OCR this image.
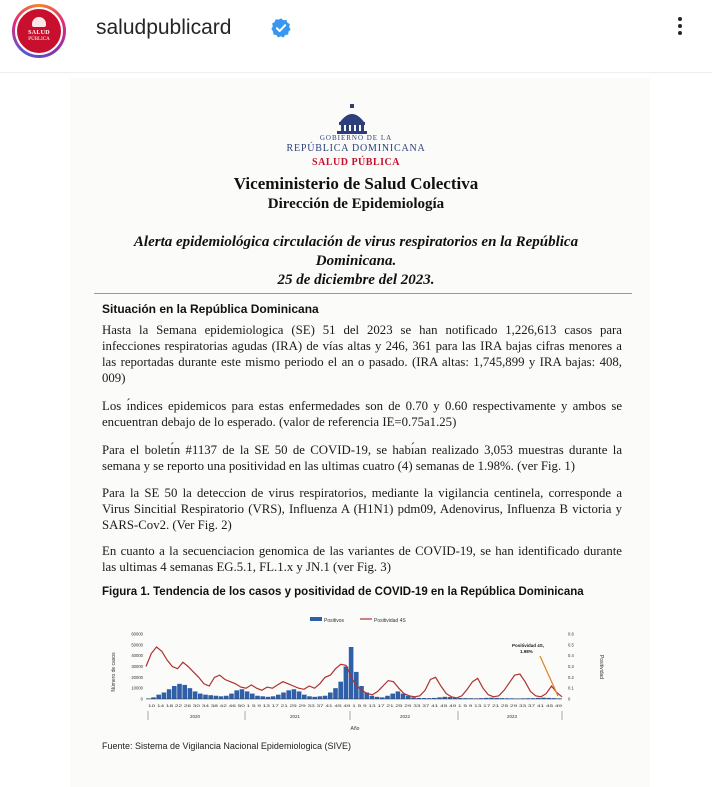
SALUD
PÚBLICA
saludpublicard
GOBIERNO DE LA
REPÚBLICA DOMINICANA
SALUD PÚBLICA
Viceministerio de Salud Colectiva
Dirección de Epidemiología
Alerta epidemiológica circulación de virus respiratorios en la República
Dominicana.
25 de diciembre del 2023.
Situación en la República Dominicana
Hasta la Semana epidemiologica (SE) 51 del 2023 se han notificado 1,226,613 casos para infecciones respiratorias agudas (IRA) de vías altas y 246, 361 para las IRA bajas cifras menores a las reportadas durante este mismo periodo el an o pasado. (IRA altas: 1,745,899 y IRA bajas: 408, 009)
Los ı́ndices epidemicos para estas enfermedades son de 0.70 y 0.60 respectivamente y ambos se encuentran debajo de lo esperado. (valor de referencia IE=0.75a1.25)
Para el boletı́n #1137 de la SE 50 de COVID-19, se habı́an realizado 3,053 muestras durante la semana y se reporto una positividad en las ultimas cuatro (4) semanas de 1.98%. (ver Fig. 1)
Para la SE 50 la deteccion de virus respiratorios, mediante la vigilancia centinela, corresponde a Virus Sincitial Respiratorio (VRS), Influenza A (H1N1) pdm09, Adenovirus, Influenza B victoria y SARS-Cov2. (Ver Fig. 2)
En cuanto a la secuenciacion genomica de las variantes de COVID-19, se han identificado durante las ultimas 4 semanas EG.5.1, FL.1.x y JN.1 (ver Fig. 3)
Figura 1. Tendencia de los casos y positividad de COVID-19 en la República Dominicana
Positivos	Positividad 4S
Número de casos	Positividad
60000
50000
40000
30000
20000
10000
0
0.6
0.5
0.4
0.3
0.2
0.1
0
10 14 18 22 26 30 34 38 42 46 50 1 5 9 13 17 21 25 29 33 37 41 45 49 1 5 9 13 17 21 25 29 33 37 41 45 49 1 5 9 13 17 21 25 29 33 37 41 45 49
2020	2021	2022	2023
Año
Positividad 4S,
1.98%
Fuente: Sistema de Vigilancia Nacional Epidemiologica (SIVE)
